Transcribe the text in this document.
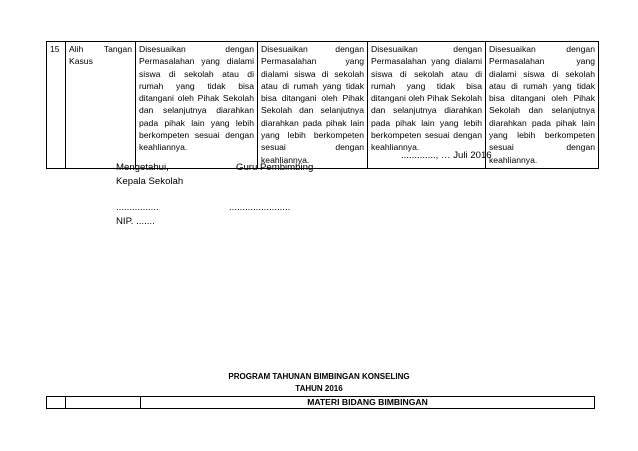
15	Alih Tangan
Kasus
	Disesuaikan dengan Permasalahan yang dialami siswa di sekolah atau di rumah yang tidak bisa ditangani oleh Pihak Sekolah dan selanjutnya diarahkan pada pihak lain yang lebih berkompeten sesuai dengan keahliannya.	Disesuaikan dengan Permasalahan yang dialami siswa di sekolah atau di rumah yang tidak bisa ditangani oleh Pihak Sekolah dan selanjutnya diarahkan pada pihak lain yang lebih berkompeten sesuai dengan keahliannya.	Disesuaikan dengan Permasalahan yang dialami siswa di sekolah atau di rumah yang tidak bisa ditangani oleh Pihak Sekolah dan selanjutnya diarahkan pada pihak lain yang lebih berkompeten sesuai dengan keahliannya.	Disesuaikan dengan Permasalahan yang dialami siswa di sekolah atau di rumah yang tidak bisa ditangani oleh Pihak Sekolah dan selanjutnya diarahkan pada pihak lain yang lebih berkompeten sesuai dengan keahliannya.
............., … Juli 2016
Mengetahui,	Guru Pembimbing
Kepala Sekolah
................	.......................
NIP. .......
PROGRAM TAHUNAN BIMBINGAN KONSELING
TAHUN 2016
		MATERI BIDANG BIMBINGAN
